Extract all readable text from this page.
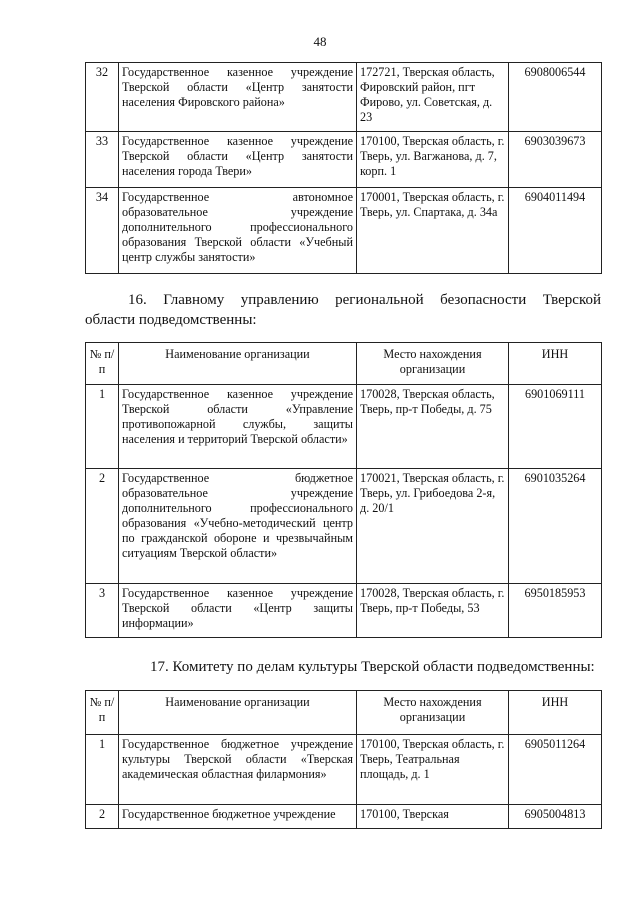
48
32	Государственное казенное учреждение Тверской области «Центр занятости населения Фировского района»	172721, Тверская область, Фировский район, пгт Фирово, ул. Советская, д. 23	6908006544
33	Государственное казенное учреждение Тверской области «Центр занятости населения города Твери»	170100, Тверская область, г. Тверь, ул. Вагжанова, д. 7, корп. 1	6903039673
34	Государственное автономное образовательное учреждение дополнительного профессионального образования Тверской области «Учебный центр службы занятости»	170001, Тверская область, г. Тверь, ул. Спартака, д. 34а	6904011494
16. Главному управлению региональной безопасности Тверской
области подведомственны:
№ п/п	Наименование организации	Место нахождения организации	ИНН
1	Государственное казенное учреждение Тверской области «Управление противопожарной службы, защиты населения и территорий Тверской области»	170028, Тверская область, Тверь, пр-т Победы, д. 75	6901069111
2	Государственное бюджетное образовательное учреждение дополнительного профессионального образования «Учебно-методический центр по гражданской обороне и чрезвычайным ситуациям Тверской области»	170021, Тверская область, г. Тверь, ул. Грибоедова 2-я, д. 20/1	6901035264
3	Государственное казенное учреждение Тверской области «Центр защиты информации»	170028, Тверская область, г. Тверь, пр-т Победы, 53	6950185953
17. Комитету по делам культуры Тверской области подведомственны:
№ п/п	Наименование организации	Место нахождения организации	ИНН
1	Государственное бюджетное учреждение культуры Тверской области «Тверская академическая областная филармония»	170100, Тверская область, г. Тверь, Театральная площадь, д. 1	6905011264
2	Государственное бюджетное учреждение	170100, Тверская	6905004813
